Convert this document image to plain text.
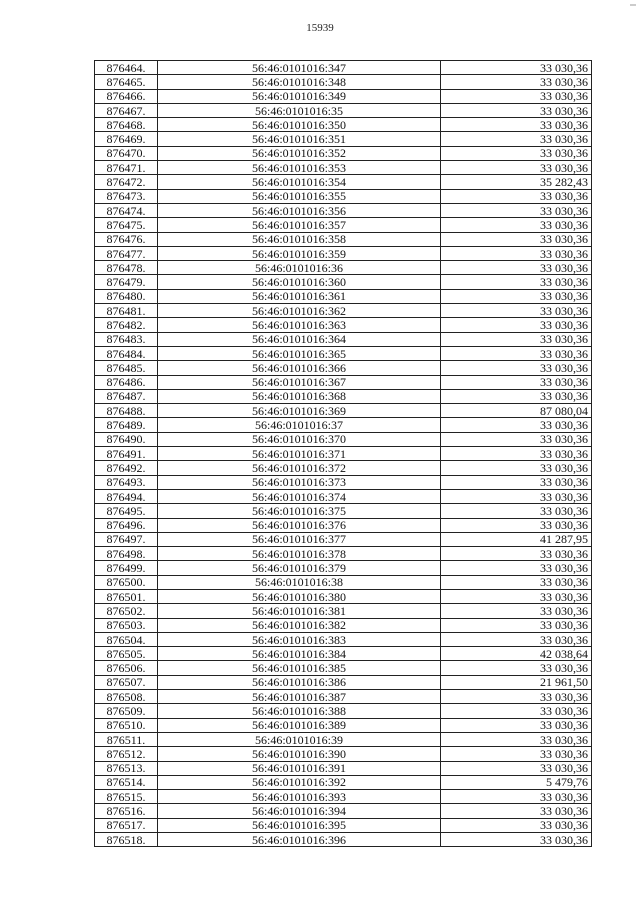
15939
876464.	56:46:0101016:347	33 030,36
876465.	56:46:0101016:348	33 030,36
876466.	56:46:0101016:349	33 030,36
876467.	56:46:0101016:35	33 030,36
876468.	56:46:0101016:350	33 030,36
876469.	56:46:0101016:351	33 030,36
876470.	56:46:0101016:352	33 030,36
876471.	56:46:0101016:353	33 030,36
876472.	56:46:0101016:354	35 282,43
876473.	56:46:0101016:355	33 030,36
876474.	56:46:0101016:356	33 030,36
876475.	56:46:0101016:357	33 030,36
876476.	56:46:0101016:358	33 030,36
876477.	56:46:0101016:359	33 030,36
876478.	56:46:0101016:36	33 030,36
876479.	56:46:0101016:360	33 030,36
876480.	56:46:0101016:361	33 030,36
876481.	56:46:0101016:362	33 030,36
876482.	56:46:0101016:363	33 030,36
876483.	56:46:0101016:364	33 030,36
876484.	56:46:0101016:365	33 030,36
876485.	56:46:0101016:366	33 030,36
876486.	56:46:0101016:367	33 030,36
876487.	56:46:0101016:368	33 030,36
876488.	56:46:0101016:369	87 080,04
876489.	56:46:0101016:37	33 030,36
876490.	56:46:0101016:370	33 030,36
876491.	56:46:0101016:371	33 030,36
876492.	56:46:0101016:372	33 030,36
876493.	56:46:0101016:373	33 030,36
876494.	56:46:0101016:374	33 030,36
876495.	56:46:0101016:375	33 030,36
876496.	56:46:0101016:376	33 030,36
876497.	56:46:0101016:377	41 287,95
876498.	56:46:0101016:378	33 030,36
876499.	56:46:0101016:379	33 030,36
876500.	56:46:0101016:38	33 030,36
876501.	56:46:0101016:380	33 030,36
876502.	56:46:0101016:381	33 030,36
876503.	56:46:0101016:382	33 030,36
876504.	56:46:0101016:383	33 030,36
876505.	56:46:0101016:384	42 038,64
876506.	56:46:0101016:385	33 030,36
876507.	56:46:0101016:386	21 961,50
876508.	56:46:0101016:387	33 030,36
876509.	56:46:0101016:388	33 030,36
876510.	56:46:0101016:389	33 030,36
876511.	56:46:0101016:39	33 030,36
876512.	56:46:0101016:390	33 030,36
876513.	56:46:0101016:391	33 030,36
876514.	56:46:0101016:392	5 479,76
876515.	56:46:0101016:393	33 030,36
876516.	56:46:0101016:394	33 030,36
876517.	56:46:0101016:395	33 030,36
876518.	56:46:0101016:396	33 030,36
